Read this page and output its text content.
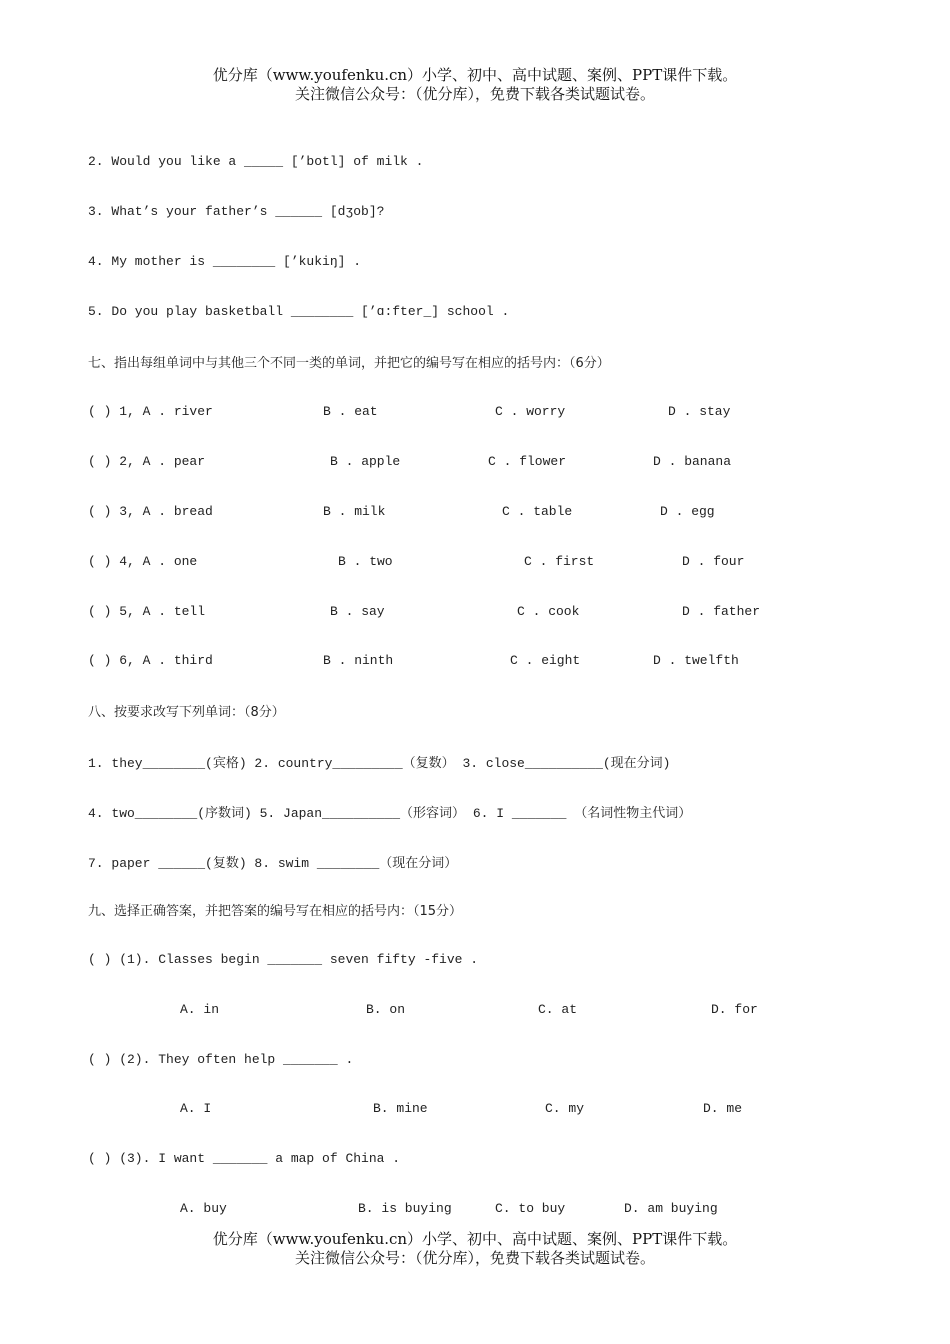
优分库（www.youfenku.cn）小学、初中、高中试题、案例、PPT课件下载。
关注微信公众号：（优分库），免费下载各类试题试卷。
2. Would you like a _____ [’botl] of milk .
3. What’s your father’s ______ [dʒob]?
4. My mother is ________ [’kukiŋ] .
5. Do you play basketball ________ [’ɑ:fter_] school .
七、指出每组单词中与其他三个不同一类的单词，并把它的编号写在相应的括号内：（6分）
( ) 1, A . river	B . eat	C . worry	D . stay
( ) 2, A . pear	B . apple	C . flower	D . banana
( ) 3, A . bread	B . milk	C . table	D . egg
( ) 4, A . one	B . two	C . first	D . four
( ) 5, A . tell	B . say	C . cook	D . father
( ) 6, A . third	B . ninth	C . eight	D . twelfth
八、按要求改写下列单词：（8分）
1. they________(宾格) 2. country_________（复数） 3. close__________(现在分词)
4. two________(序数词) 5. Japan__________（形容词） 6. I _______ （名词性物主代词）
7. paper ______(复数) 8. swim ________（现在分词）
九、选择正确答案，并把答案的编号写在相应的括号内：（15分）
( ) (1). Classes begin _______ seven fifty -five .
A. in	B. on	C. at	D. for
( ) (2). They often help _______ .
A. I	B. mine	C. my	D. me
( ) (3). I want _______ a map of China .
A. buy	B. is buying	C. to buy	D. am buying
优分库（www.youfenku.cn）小学、初中、高中试题、案例、PPT课件下载。
关注微信公众号：（优分库），免费下载各类试题试卷。
